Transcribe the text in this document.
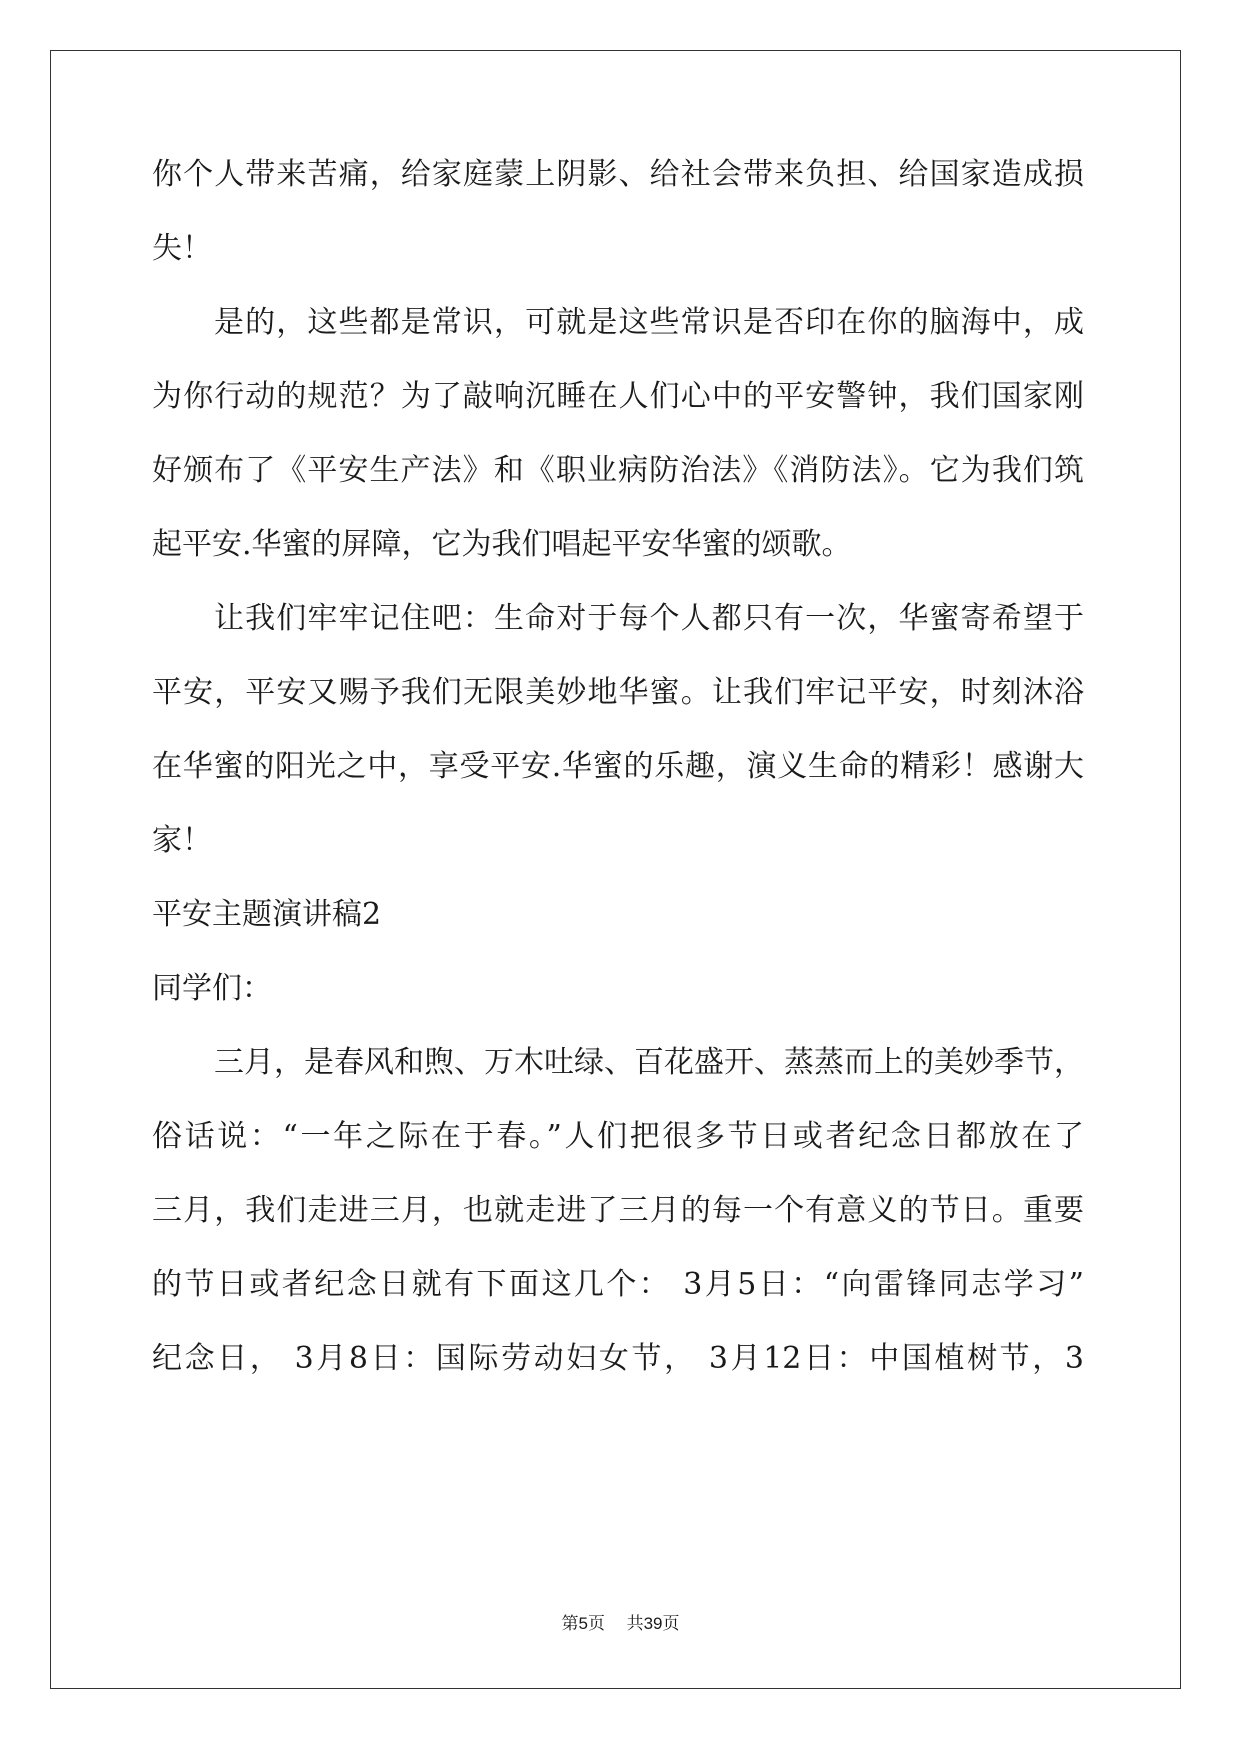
你个人带来苦痛，给家庭蒙上阴影、给社会带来负担、给国家造成损
失！
是的，这些都是常识，可就是这些常识是否印在你的脑海中，成
为你行动的规范？为了敲响沉睡在人们心中的平安警钟，我们国家刚
好颁布了《平安生产法》和《职业病防治法》《消防法》。它为我们筑
起平安.华蜜的屏障，它为我们唱起平安华蜜的颂歌。
让我们牢牢记住吧：生命对于每个人都只有一次，华蜜寄希望于
平安，平安又赐予我们无限美妙地华蜜。让我们牢记平安，时刻沐浴
在华蜜的阳光之中，享受平安.华蜜的乐趣，演义生命的精彩！感谢大
家！
平安主题演讲稿2
同学们：
三月，是春风和煦、万木吐绿、百花盛开、蒸蒸而上的美妙季节，
俗话说：“一年之际在于春。”人们把很多节日或者纪念日都放在了
三月，我们走进三月，也就走进了三月的每一个有意义的节日。重要
的节日或者纪念日就有下面这几个： 3月5日：“向雷锋同志学习”
纪念日， 3月8日：国际劳动妇女节， 3月12日：中国植树节，3
第5页 共39页
